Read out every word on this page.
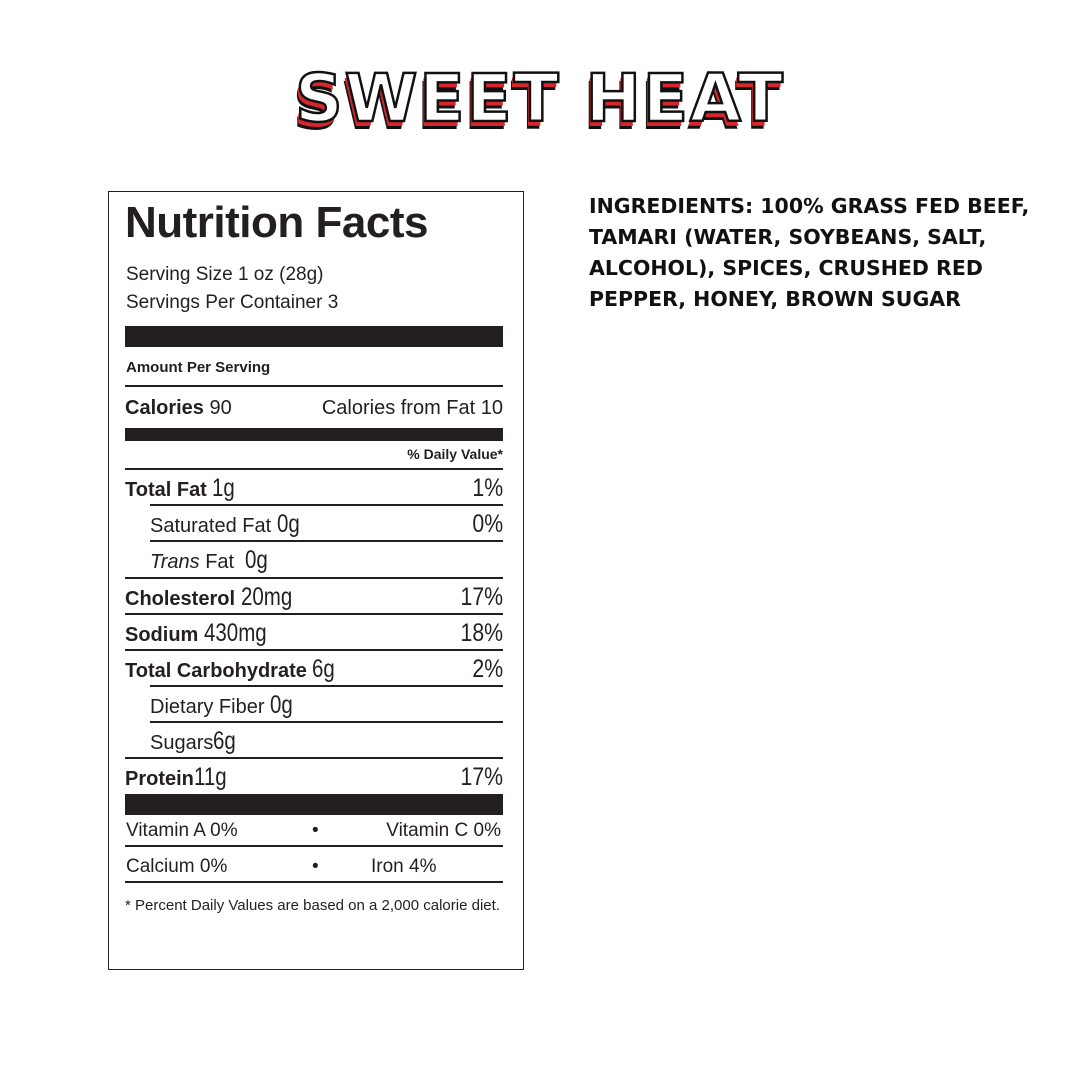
SWEET HEAT
Nutrition Facts
Serving Size 1 oz (28g)
Servings Per Container 3
Amount Per Serving
Calories 90	Calories from Fat 10
% Daily Value*
Total Fat 1g	1%
Saturated Fat 0g	0%
Trans Fat 0g
Cholesterol 20mg	17%
Sodium 430mg	18%
Total Carbohydrate 6g	2%
Dietary Fiber 0g
Sugars6g
Protein11g	17%
Vitamin A 0%	•	Vitamin C 0%
Calcium 0%	•	Iron 4%
* Percent Daily Values are based on a 2,000 calorie diet.
INGREDIENTS: 100% GRASS FED BEEF, TAMARI (WATER, SOYBEANS, SALT, ALCOHOL), SPICES, CRUSHED RED PEPPER, HONEY, BROWN SUGAR
